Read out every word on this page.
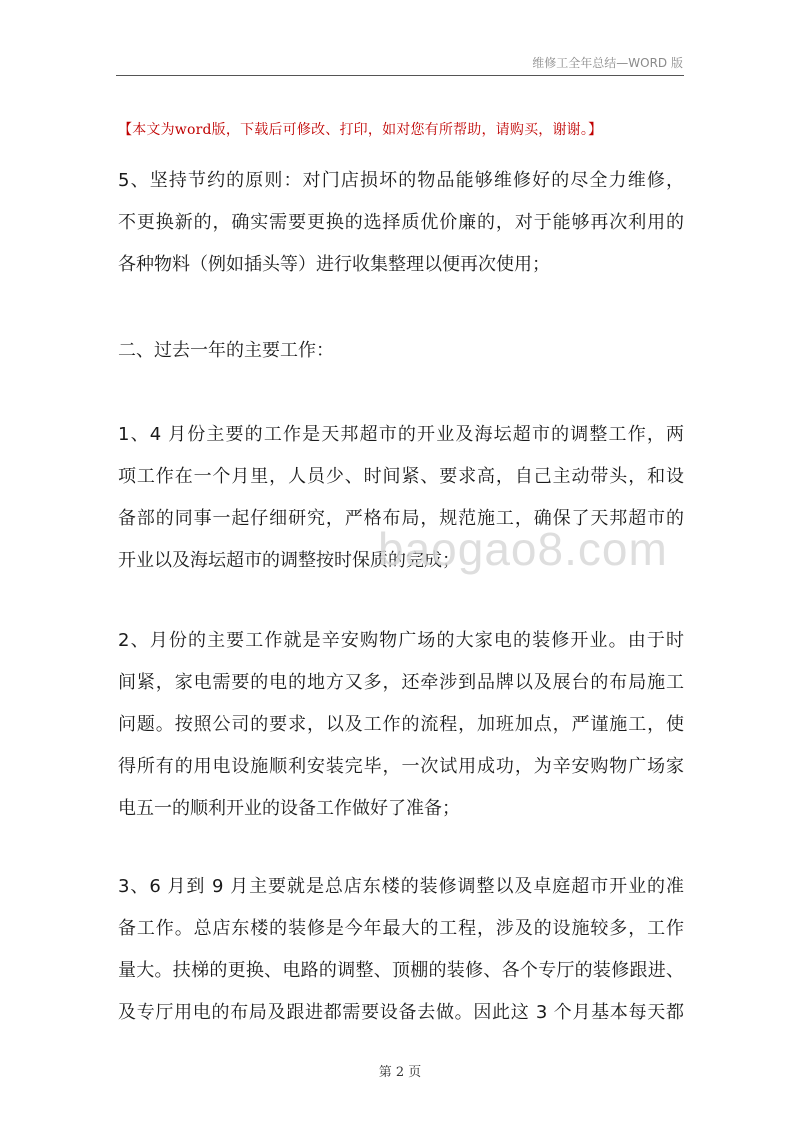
维修工全年总结—WORD 版
【本文为word版，下载后可修改、打印，如对您有所帮助，请购买，谢谢。】
5、坚持节约的原则：对门店损坏的物品能够维修好的尽全力维修，
不更换新的，确实需要更换的选择质优价廉的，对于能够再次利用的
各种物料（例如插头等）进行收集整理以便再次使用；
二、过去一年的主要工作：
1、4 月份主要的工作是天邦超市的开业及海坛超市的调整工作，两
项工作在一个月里，人员少、时间紧、要求高，自己主动带头，和设
备部的同事一起仔细研究，严格布局，规范施工，确保了天邦超市的
开业以及海坛超市的调整按时保质的完成；
baogao8.com
2、月份的主要工作就是辛安购物广场的大家电的装修开业。由于时
间紧，家电需要的电的地方又多，还牵涉到品牌以及展台的布局施工
问题。按照公司的要求，以及工作的流程，加班加点，严谨施工，使
得所有的用电设施顺利安装完毕，一次试用成功，为辛安购物广场家
电五一的顺利开业的设备工作做好了准备；
3、6 月到 9 月主要就是总店东楼的装修调整以及卓庭超市开业的准
备工作。总店东楼的装修是今年最大的工程，涉及的设施较多，工作
量大。扶梯的更换、电路的调整、顶棚的装修、各个专厅的装修跟进、
及专厅用电的布局及跟进都需要设备去做。因此这 3 个月基本每天都
第 2 页
